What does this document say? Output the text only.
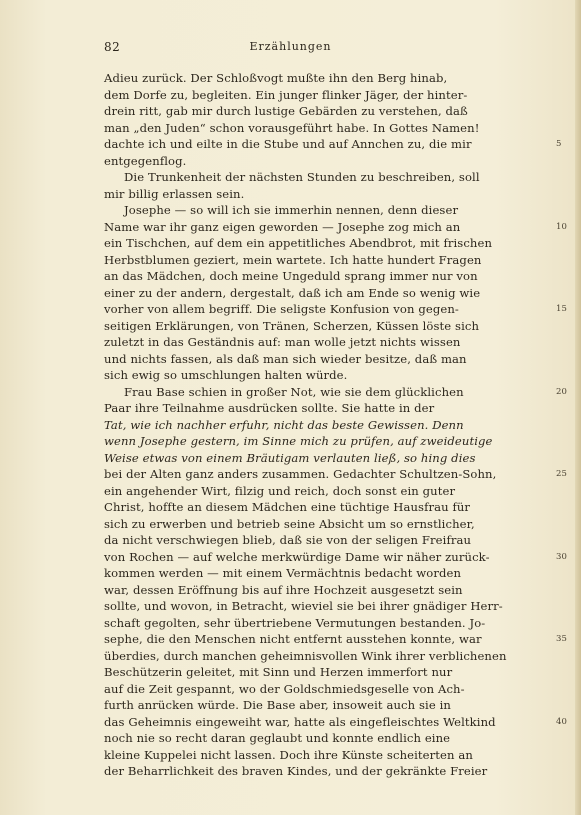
82	Erzählungen
Adieu zurück. Der Schloßvogt mußte ihn den Berg hinab,
dem Dorfe zu, begleiten. Ein junger flinker Jäger, der hinter-
drein ritt, gab mir durch lustige Gebärden zu verstehen, daß
man „den Juden“ schon vorausgeführt habe. In Gottes Namen!
dachte ich und eilte in die Stube und auf Annchen zu, die mir	5
entgegenflog.
Die Trunkenheit der nächsten Stunden zu beschreiben, soll
mir billig erlassen sein.
Josephe — so will ich sie immerhin nennen, denn dieser
Name war ihr ganz eigen geworden — Josephe zog mich an	10
ein Tischchen, auf dem ein appetitliches Abendbrot, mit frischen
Herbstblumen geziert, mein wartete. Ich hatte hundert Fragen
an das Mädchen, doch meine Ungeduld sprang immer nur von
einer zu der andern, dergestalt, daß ich am Ende so wenig wie
vorher von allem begriff. Die seligste Konfusion von gegen-	15
seitigen Erklärungen, von Tränen, Scherzen, Küssen löste sich
zuletzt in das Geständnis auf: man wolle jetzt nichts wissen
und nichts fassen, als daß man sich wieder besitze, daß man
sich ewig so umschlungen halten würde.
Frau Base schien in großer Not, wie sie dem glücklichen	20
Paar ihre Teilnahme ausdrücken sollte. Sie hatte in der
Tat, wie ich nachher erfuhr, nicht das beste Gewissen. Denn
wenn Josephe gestern, im Sinne mich zu prüfen, auf zweideutige
Weise etwas von einem Bräutigam verlauten ließ, so hing dies
bei der Alten ganz anders zusammen. Gedachter Schultzen-Sohn,	25
ein angehender Wirt, filzig und reich, doch sonst ein guter
Christ, hoffte an diesem Mädchen eine tüchtige Hausfrau für
sich zu erwerben und betrieb seine Absicht um so ernstlicher,
da nicht verschwiegen blieb, daß sie von der seligen Freifrau
von Rochen — auf welche merkwürdige Dame wir näher zurück-	30
kommen werden — mit einem Vermächtnis bedacht worden
war, dessen Eröffnung bis auf ihre Hochzeit ausgesetzt sein
sollte, und wovon, in Betracht, wieviel sie bei ihrer gnädiger Herr-
schaft gegolten, sehr übertriebene Vermutungen bestanden. Jo-
sephe, die den Menschen nicht entfernt ausstehen konnte, war	35
überdies, durch manchen geheimnisvollen Wink ihrer verblichenen
Beschützerin geleitet, mit Sinn und Herzen immerfort nur
auf die Zeit gespannt, wo der Goldschmiedsgeselle von Ach-
furth anrücken würde. Die Base aber, insoweit auch sie in
das Geheimnis eingeweiht war, hatte als eingefleischtes Weltkind	40
noch nie so recht daran geglaubt und konnte endlich eine
kleine Kuppelei nicht lassen. Doch ihre Künste scheiterten an
der Beharrlichkeit des braven Kindes, und der gekränkte Freier
